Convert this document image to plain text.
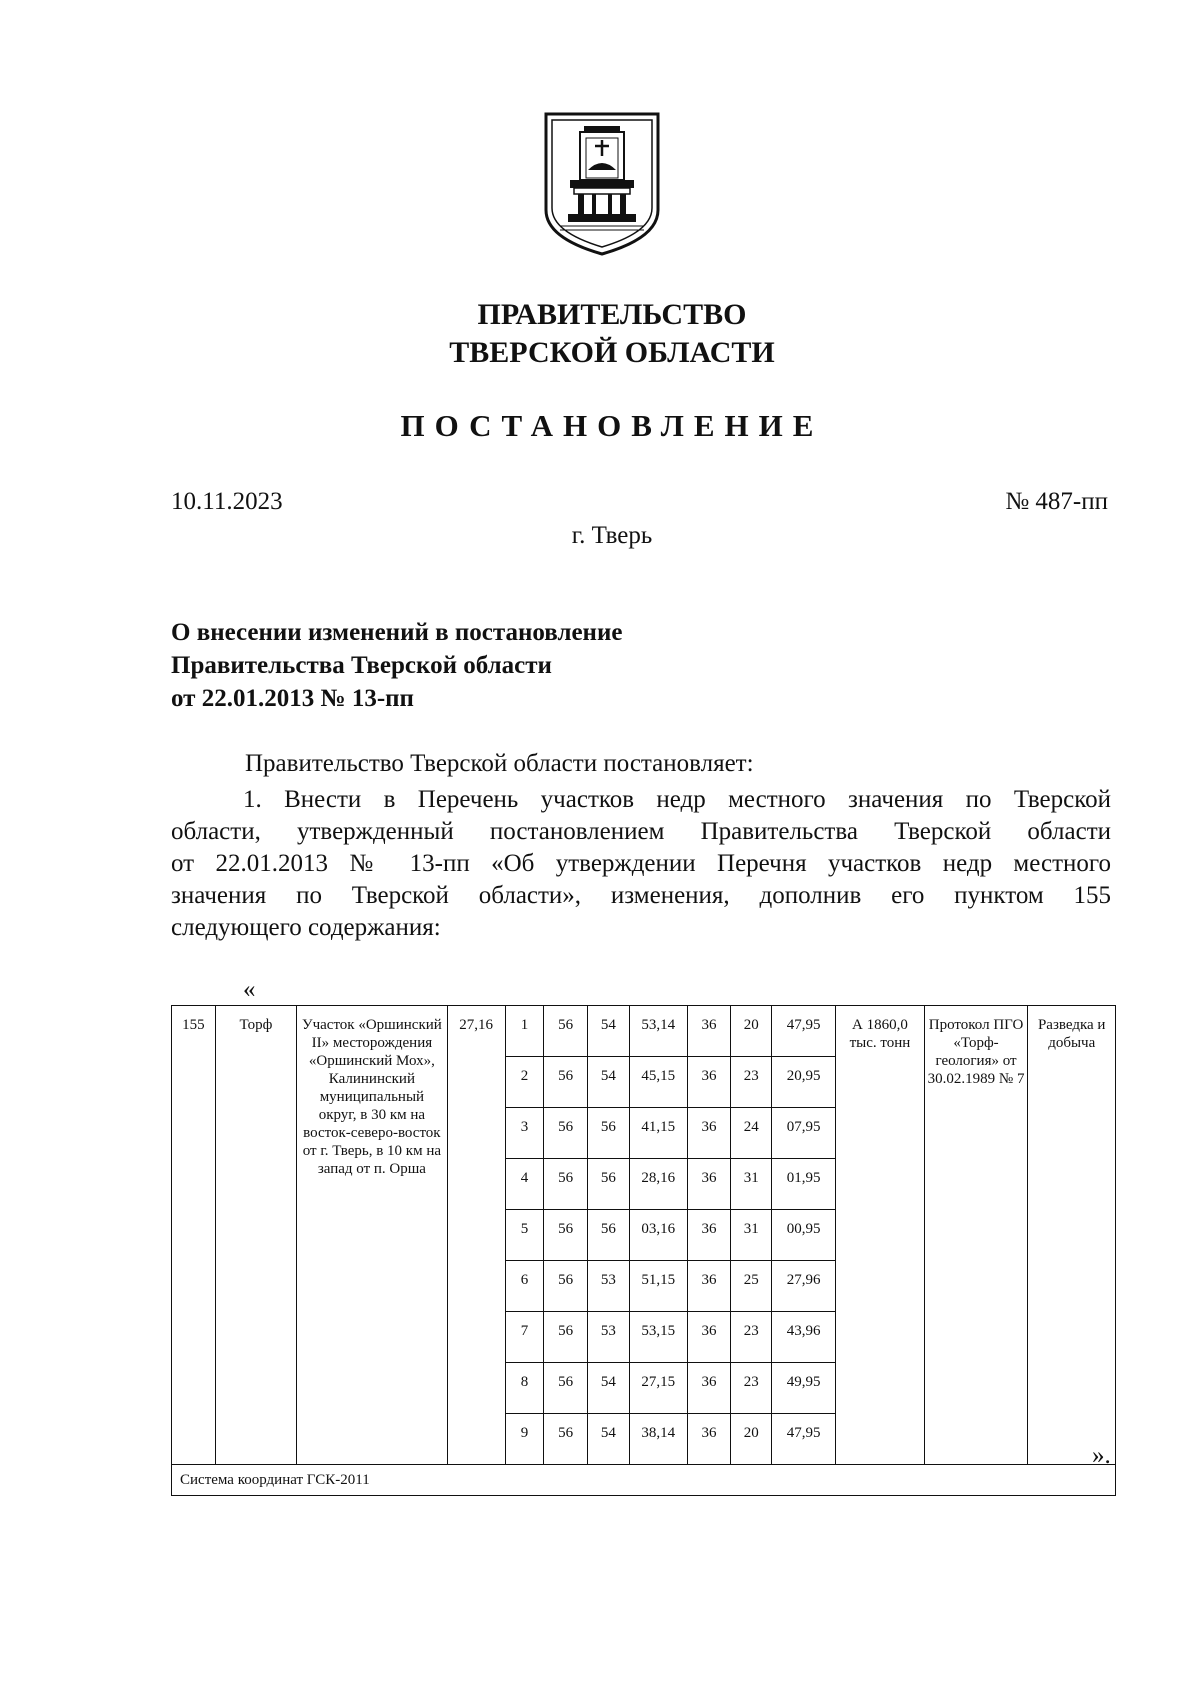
ПРАВИТЕЛЬСТВО
ТВЕРСКОЙ ОБЛАСТИ
ПОСТАНОВЛЕНИЕ
10.11.2023	№ 487-пп
г. Тверь
О внесении изменений в постановление
Правительства Тверской области
от 22.01.2013 № 13-пп
Правительство Тверской области постановляет:
1. Внести в Перечень участков недр местного значения по Тверской
области, утвержденный постановлением Правительства Тверской области
от 22.01.2013 № 13-пп «Об утверждении Перечня участков недр местного
значения по Тверской области», изменения, дополнив его пунктом 155
следующего содержания:
«
155	Торф	Участок «Оршинский II» месторождения «Оршинский Мох», Калининский муниципальный округ, в 30 км на восток-северо-восток от г. Тверь, в 10 км на запад от п. Орша	27,16	1	56	54	53,14	36	20	47,95	А 1860,0 тыс. тонн	Протокол ПГО «Торф-геология» от 30.02.1989 № 7	Разведка и добыча
				2	56	54	45,15	36	23	20,95			
				3	56	56	41,15	36	24	07,95			
				4	56	56	28,16	36	31	01,95			
				5	56	56	03,16	36	31	00,95			
				6	56	53	51,15	36	25	27,96			
				7	56	53	53,15	36	23	43,96			
				8	56	54	27,15	36	23	49,95			
				9	56	54	38,14	36	20	47,95			
Система координат ГСК-2011													
».
